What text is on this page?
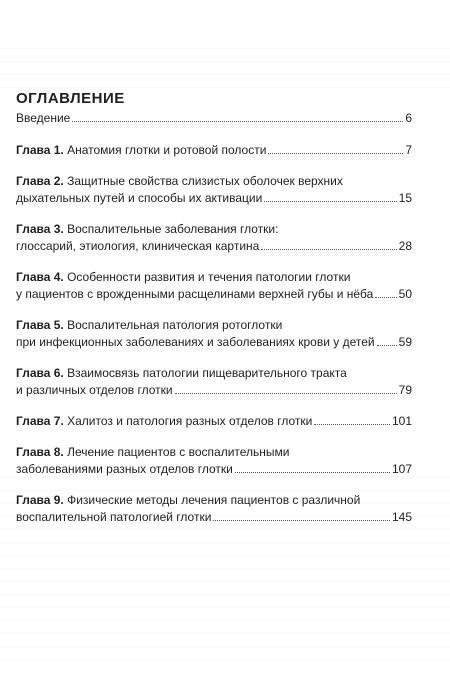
ОГЛАВЛЕНИЕ
Введение	6
Глава 1. Анатомия глотки и ротовой полости	7
Глава 2. Защитные свойства слизистых оболочек верхних
дыхательных путей и способы их активации	15
Глава 3. Воспалительные заболевания глотки:
глоссарий, этиология, клиническая картина	28
Глава 4. Особенности развития и течения патологии глотки
у пациентов с врожденными расщелинами верхней губы и нёба 50
Глава 5. Воспалительная патология ротоглотки
при инфекционных заболеваниях и заболеваниях крови у детей 59
Глава 6. Взаимосвязь патологии пищеварительного тракта
и различных отделов глотки	79
Глава 7. Халитоз и патология разных отделов глотки	101
Глава 8. Лечение пациентов с воспалительными
заболеваниями разных отделов глотки	107
Глава 9. Физические методы лечения пациентов с различной
воспалительной патологией глотки	145
